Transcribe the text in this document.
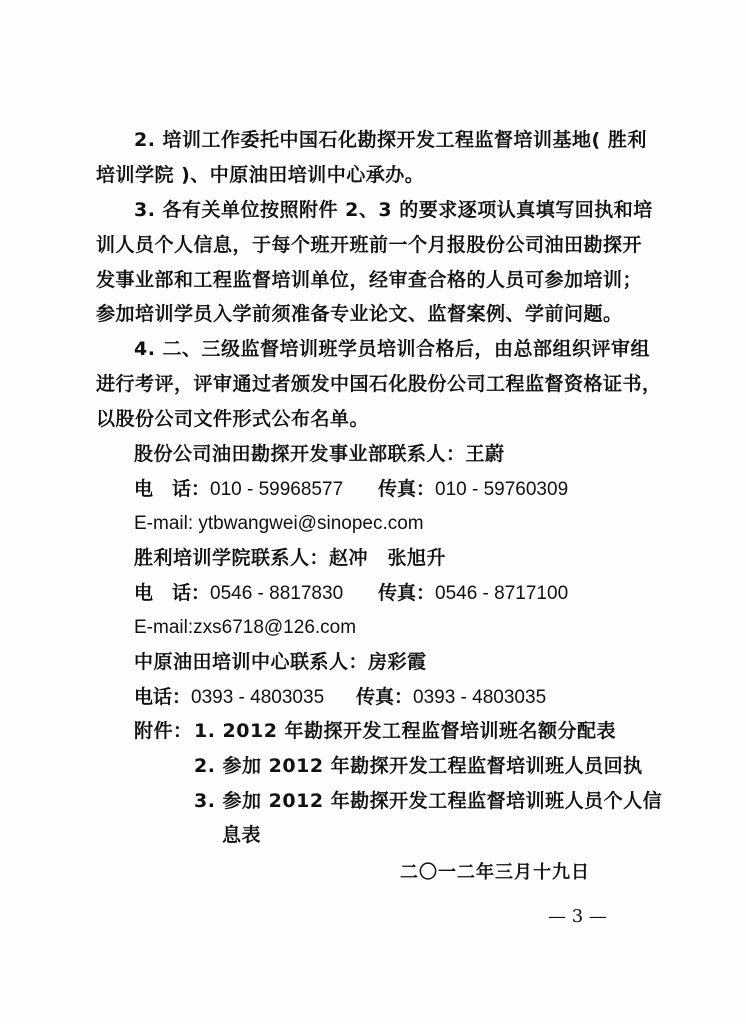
2. 培训工作委托中国石化勘探开发工程监督培训基地( 胜利
培训学院 )、中原油田培训中心承办。
3. 各有关单位按照附件 2、3 的要求逐项认真填写回执和培
训人员个人信息，于每个班开班前一个月报股份公司油田勘探开
发事业部和工程监督培训单位，经审查合格的人员可参加培训；
参加培训学员入学前须准备专业论文、监督案例、学前问题。
4. 二、三级监督培训班学员培训合格后，由总部组织评审组
进行考评，评审通过者颁发中国石化股份公司工程监督资格证书，
以股份公司文件形式公布名单。
股份公司油田勘探开发事业部联系人：王蔚
电　话：010 - 59968577 传真：010 - 59760309
E-mail: ytbwangwei@sinopec.com
胜利培训学院联系人：赵冲　张旭升
电　话：0546 - 8817830 传真：0546 - 8717100
E-mail:zxs6718@126.com
中原油田培训中心联系人：房彩霞
电话：0393 - 4803035 传真：0393 - 4803035
附件： 1. 2012 年勘探开发工程监督培训班名额分配表
2. 参加 2012 年勘探开发工程监督培训班人员回执
3. 参加 2012 年勘探开发工程监督培训班人员个人信
息表
二〇一二年三月十九日
— 3 —
